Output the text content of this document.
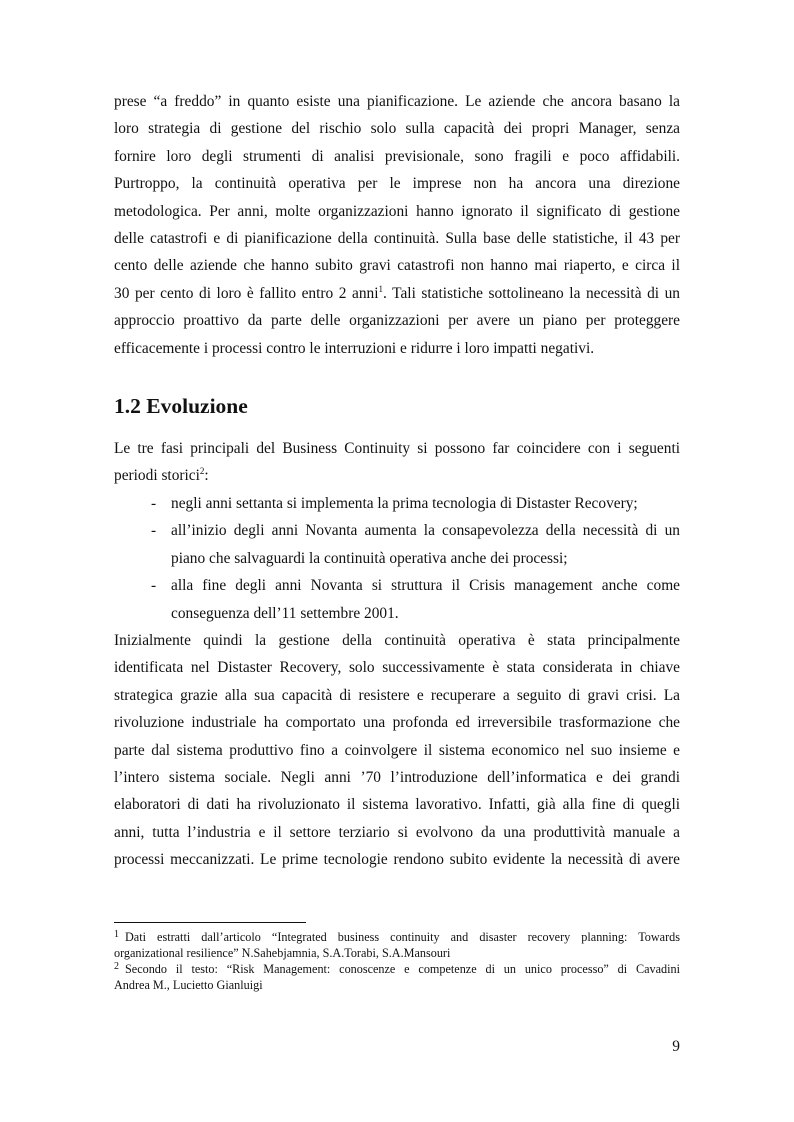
prese “a freddo” in quanto esiste una pianificazione. Le aziende che ancora basano la
loro strategia di gestione del rischio solo sulla capacità dei propri Manager, senza
fornire loro degli strumenti di analisi previsionale, sono fragili e poco affidabili.
Purtroppo, la continuità operativa per le imprese non ha ancora una direzione
metodologica. Per anni, molte organizzazioni hanno ignorato il significato di gestione
delle catastrofi e di pianificazione della continuità. Sulla base delle statistiche, il 43 per
cento delle aziende che hanno subito gravi catastrofi non hanno mai riaperto, e circa il
30 per cento di loro è fallito entro 2 anni$^1$. Tali statistiche sottolineano la necessità di un
approccio proattivo da parte delle organizzazioni per avere un piano per proteggere
efficacemente i processi contro le interruzioni e ridurre i loro impatti negativi.

1.2 Evoluzione

Le tre fasi principali del Business Continuity si possono far coincidere con i seguenti
periodi storici$^2$:

- negli anni settanta si implementa la prima tecnologia di Distaster Recovery;
- all’inizio degli anni Novanta aumenta la consapevolezza della necessità di un
piano che salvaguardi la continuità operativa anche dei processi;
- alla fine degli anni Novanta si struttura il Crisis management anche come
conseguenza dell’11 settembre 2001.

Inizialmente quindi la gestione della continuità operativa è stata principalmente
identificata nel Distaster Recovery, solo successivamente è stata considerata in chiave
strategica grazie alla sua capacità di resistere e recuperare a seguito di gravi crisi. La
rivoluzione industriale ha comportato una profonda ed irreversibile trasformazione che
parte dal sistema produttivo fino a coinvolgere il sistema economico nel suo insieme e
l’intero sistema sociale. Negli anni ’70 l’introduzione dell’informatica e dei grandi
elaboratori di dati ha rivoluzionato il sistema lavorativo. Infatti, già alla fine di quegli
anni, tutta l’industria e il settore terziario si evolvono da una produttività manuale a
processi meccanizzati. Le prime tecnologie rendono subito evidente la necessità di avere

$^1$ Dati estratti dall’articolo “Integrated business continuity and disaster recovery planning: Towards
organizational resilience” N.Sahebjamnia, S.A.Torabi, S.A.Mansouri
$^2$ Secondo il testo: “Risk Management: conoscenze e competenze di un unico processo” di Cavadini
Andrea M., Lucietto Gianluigi
9
